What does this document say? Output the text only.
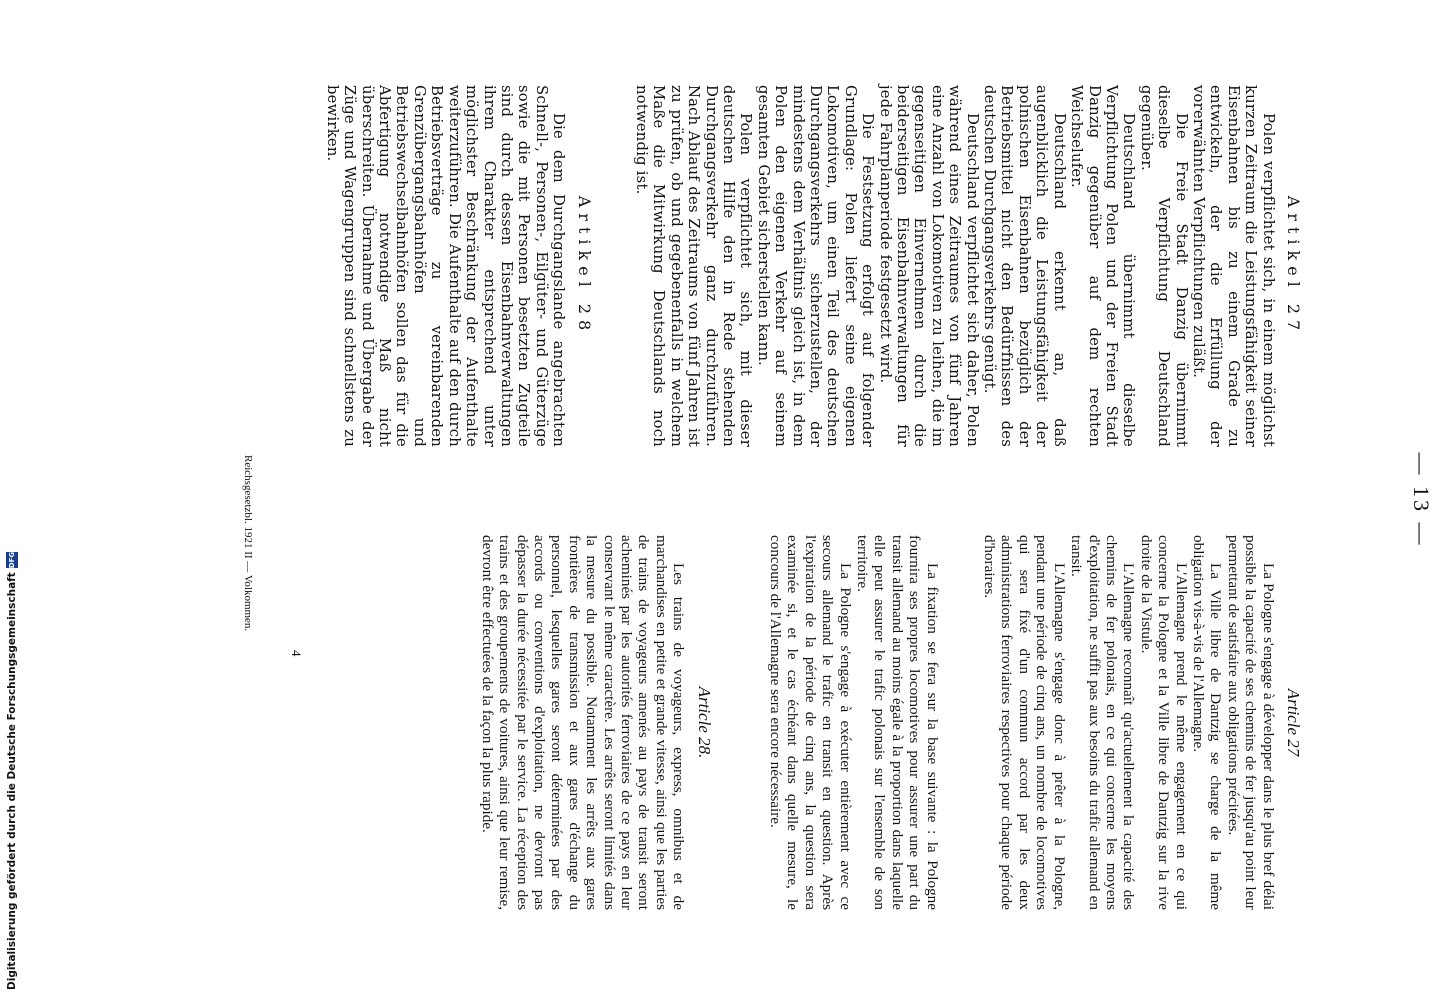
Digitalisierung gefördert durch die Deutsche Forschungsgemeinschaft
DFG
— 13 —
Artikel 27

Polen verpflichtet sich, in einem möglichst kurzen Zeitraum die Leistungsfähigkeit seiner Eisenbahnen bis zu einem Grade zu entwickeln, der die Erfüllung der vorerwähnten Verpflichtungen zuläßt.

Die Freie Stadt Danzig übernimmt dieselbe Verpflichtung Deutschland gegenüber.

Deutschland übernimmt dieselbe Verpflichtung Polen und der Freien Stadt Danzig gegenüber auf dem rechten Weichselufer.

Deutschland erkennt an, daß augenblicklich die Leistungsfähigkeit der polnischen Eisenbahnen bezüglich der Betriebsmittel nicht den Bedürfnissen des deutschen Durchgangsverkehrs genügt.

Deutschland verpflichtet sich daher, Polen während eines Zeitraumes von fünf Jahren eine Anzahl von Lokomotiven zu leihen, die im gegenseitigen Einvernehmen durch die beiderseitigen Eisenbahnverwaltungen für jede Fahrplanperiode festgesetzt wird.

Die Festsetzung erfolgt auf folgender Grundlage: Polen liefert seine eigenen Lokomotiven, um einen Teil des deutschen Durchgangsverkehrs sicherzustellen, der mindestens dem Verhältnis gleich ist, in dem Polen den eigenen Verkehr auf seinem gesamten Gebiet sicherstellen kann.

Polen verpflichtet sich, mit dieser deutschen Hilfe den in Rede stehenden Durchgangsverkehr ganz durchzuführen. Nach Ablauf des Zeitraums von fünf Jahren ist zu prüfen, ob und gegebenenfalls in welchem Maße die Mitwirkung Deutschlands noch notwendig ist.

Artikel 28

Die dem Durchgangslande angebrachten Schnell-, Personen-, Eilgüter- und Güterzüge sowie die mit Personen besetzten Zugteile sind durch dessen Eisenbahnverwaltungen ihrem Charakter entsprechend unter möglichster Beschränkung der Aufenthalte weiterzuführen. Die Aufenthalte auf den durch Betriebsverträge zu vereinbarenden Grenzübergangsbahnhöfen und Betriebswechselbahnhöfen sollen das für die Abfertigung notwendige Maß nicht überschreiten. Übernahme und Übergabe der Züge und Wagengruppen sind schnellstens zu bewirken.

Article 27

La Pologne s'engage à développer dans le plus bref délai possible la capacité de ses chemins de fer jusqu'au point leur permettant de satisfaire aux obligations précitées.

La Ville libre de Dantzig se charge de la même obligation vis-à-vis de l'Allemagne.

L'Allemagne prend le même engagement en ce qui concerne la Pologne et la Ville libre de Dantzig sur la rive droite de la Vistule.

L'Allemagne reconnaît qu'actuellement la capacité des chemins de fer polonais, en ce qui concerne les moyens d'exploitation, ne suffit pas aux besoins du trafic allemand en transit.

L'Allemagne s'engage donc à prêter à la Pologne, pendant une période de cinq ans, un nombre de locomotives qui sera fixé d'un commun accord par les deux administrations ferroviaires respectives pour chaque période d'horaires.

La fixation se fera sur la base suivante : la Pologne fournira ses propres locomotives pour assurer une part du transit allemand au moins égale à la proportion dans laquelle elle peut assurer le trafic polonais sur l'ensemble de son territoire.

La Pologne s'engage à exécuter entièrement avec ce secours allemand le trafic en transit en question. Après l'expiration de la période de cinq ans, la question sera examinée si, et le cas échéant dans quelle mesure, le concours de l'Allemagne sera encore nécessaire.

Article 28.

Les trains de voyageurs, express, omnibus et de marchandises en petite et grande vitesse, ainsi que les parties de trains de voyageurs amenés au pays de transit seront acheminés par les autorités ferroviaires de ce pays en leur conservant le même caractère. Les arrêts seront limités dans la mesure du possible. Notamment les arrêts aux gares frontières de transmission et aux gares d'échange du personnel, lesquelles gares seront déterminées par des accords ou conventions d'exploitation, ne devront pas dépasser la durée nécessitée par le service. La réception des trains et des groupements de voitures, ainsi que leur remise, devront être effectuées de la façon la plus rapide.

4
Reichsgesetzbl. 1921 II — Volkommen.
